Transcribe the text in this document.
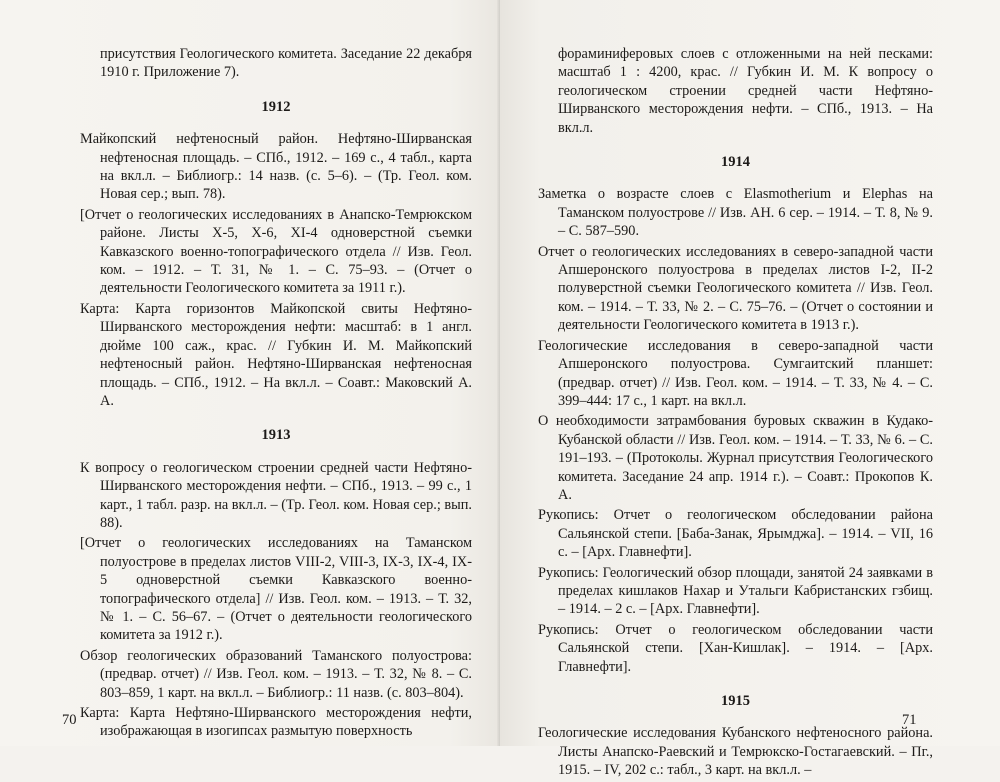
присутствия Геологического комитета. Заседание 22 декабря 1910 г. Приложение 7).

1912

Майкопский нефтеносный район. Нефтяно-Ширванская нефтеносная площадь. – СПб., 1912. – 169 с., 4 табл., карта на вкл.л. – Библиогр.: 14 назв. (с. 5–6). – (Тр. Геол. ком. Новая сер.; вып. 78).

[Отчет о геологических исследованиях в Анапско-Темрюкском районе. Листы Х-5, Х-6, ХI-4 одноверстной съемки Кавказского военно-топографического отдела // Изв. Геол. ком. – 1912. – Т. 31, № 1. – С. 75–93. – (Отчет о деятельности Геологического комитета за 1911 г.).

Карта: Карта горизонтов Майкопской свиты Нефтяно-Ширванского месторождения нефти: масштаб: в 1 англ. дюйме 100 саж., крас. // Губкин И. М. Майкопский нефтеносный район. Нефтяно-Ширванская нефтеносная площадь. – СПб., 1912. – На вкл.л. – Соавт.: Маковский А. А.

1913

К вопросу о геологическом строении средней части Нефтяно-Ширванского месторождения нефти. – СПб., 1913. – 99 с., 1 карт., 1 табл. разр. на вкл.л. – (Тр. Геол. ком. Новая сер.; вып. 88).

[Отчет о геологических исследованиях на Таманском полуострове в пределах листов VIII-2, VIII-3, IX-3, IX-4, IX-5 одноверстной съемки Кавказского военно-топографического отдела] // Изв. Геол. ком. – 1913. – Т. 32, № 1. – С. 56–67. – (Отчет о деятельности геологического комитета за 1912 г.).

Обзор геологических образований Таманского полуострова: (предвар. отчет) // Изв. Геол. ком. – 1913. – Т. 32, № 8. – С. 803–859, 1 карт. на вкл.л. – Библиогр.: 11 назв. (с. 803–804).

Карта: Карта Нефтяно-Ширванского месторождения нефти, изображающая в изогипсах размытую поверхность

70

фораминиферовых слоев с отложенными на ней песками: масштаб 1 : 4200, крас. // Губкин И. М. К вопросу о геологическом строении средней части Нефтяно-Ширванского месторождения нефти. – СПб., 1913. – На вкл.л.

1914

Заметка о возрасте слоев с Elasmotherium и Elephas на Таманском полуострове // Изв. АН. 6 сер. – 1914. – Т. 8, № 9. – С. 587–590.

Отчет о геологических исследованиях в северо-западной части Апшеронского полуострова в пределах листов I-2, II-2 полуверстной съемки Геологического комитета // Изв. Геол. ком. – 1914. – Т. 33, № 2. – С. 75–76. – (Отчет о состоянии и деятельности Геологического комитета в 1913 г.).

Геологические исследования в северо-западной части Апшеронского полуострова. Сумгаитский планшет: (предвар. отчет) // Изв. Геол. ком. – 1914. – Т. 33, № 4. – С. 399–444: 17 с., 1 карт. на вкл.л.

О необходимости затрамбования буровых скважин в Кудако-Кубанской области // Изв. Геол. ком. – 1914. – Т. 33, № 6. – С. 191–193. – (Протоколы. Журнал присутствия Геологического комитета. Заседание 24 апр. 1914 г.). – Соавт.: Прокопов К. А.

Рукопись: Отчет о геологическом обследовании района Сальянской степи. [Баба-Занак, Ярымджа]. – 1914. – VII, 16 с. – [Арх. Главнефти].

Рукопись: Геологический обзор площади, занятой 24 заявками в пределах кишлаков Нахар и Утальги Кабристанских гзбищ. – 1914. – 2 с. – [Арх. Главнефти].

Рукопись: Отчет о геологическом обследовании части Сальянской степи. [Хан-Кишлак]. – 1914. – [Арх. Главнефти].

1915

Геологические исследования Кубанского нефтеносного района. Листы Анапско-Раевский и Темрюкско-Гостагаевский. – Пг., 1915. – IV, 202 с.: табл., 3 карт. на вкл.л. –

71
